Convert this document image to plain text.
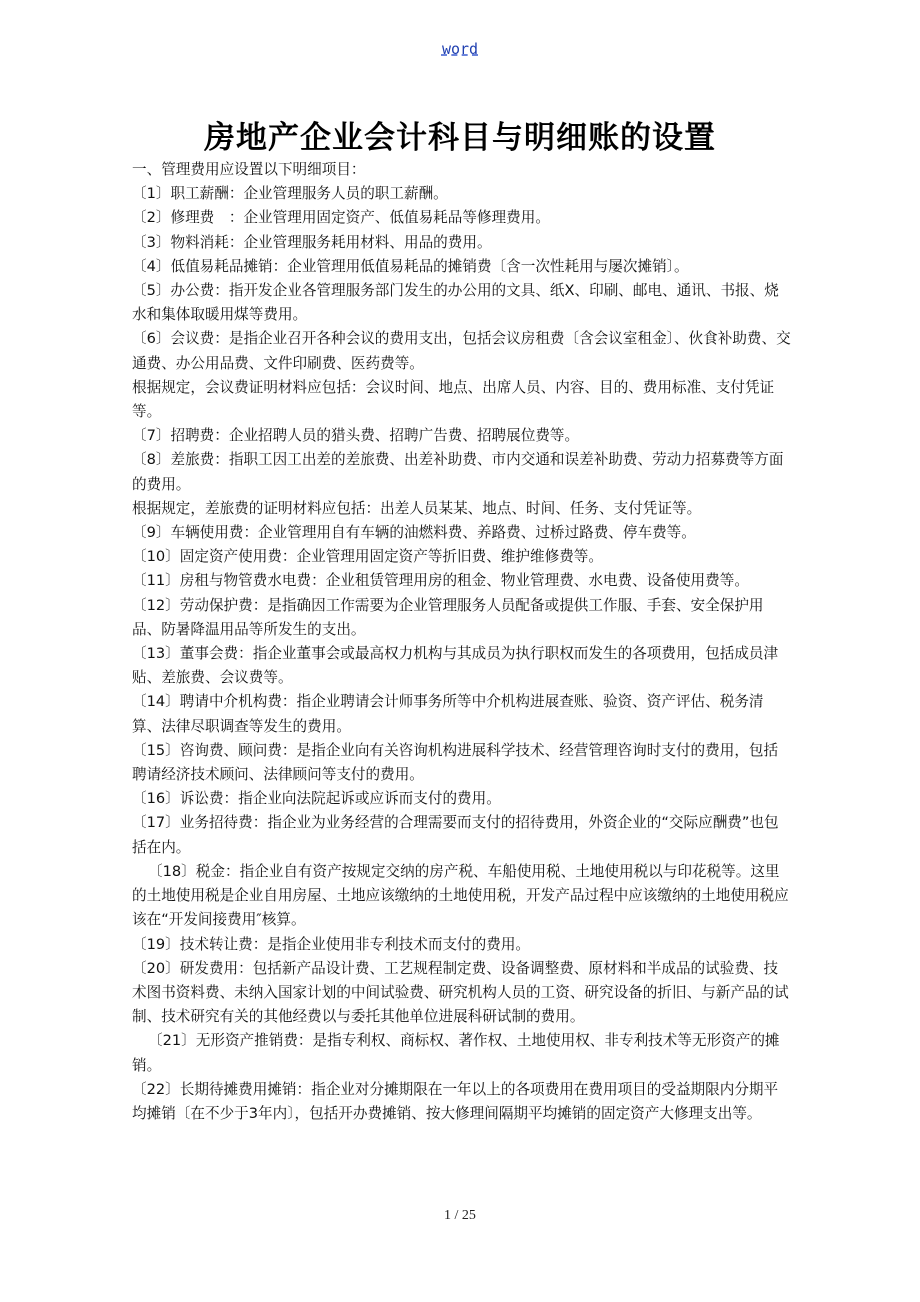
word
房地产企业会计科目与明细账的设置

一、管理费用应设置以下明细项目：

〔1〕职工薪酬：企业管理服务人员的职工薪酬。

〔2〕修理费　：企业管理用固定资产、低值易耗品等修理费用。

〔3〕物料消耗：企业管理服务耗用材料、用品的费用。

〔4〕低值易耗品摊销：企业管理用低值易耗品的摊销费〔含一次性耗用与屡次摊销〕。

〔5〕办公费：指开发企业各管理服务部门发生的办公用的文具、纸X、印刷、邮电、通讯、书报、烧水和集体取暖用煤等费用。

〔6〕会议费：是指企业召开各种会议的费用支出，包括会议房租费〔含会议室租金〕、伙食补助费、交通费、办公用品费、文件印刷费、医药费等。

根据规定，会议费证明材料应包括：会议时间、地点、出席人员、内容、目的、费用标准、支付凭证等。

〔7〕招聘费：企业招聘人员的猎头费、招聘广告费、招聘展位费等。

〔8〕差旅费：指职工因工出差的差旅费、出差补助费、市内交通和误差补助费、劳动力招募费等方面的费用。

根据规定，差旅费的证明材料应包括：出差人员某某、地点、时间、任务、支付凭证等。

〔9〕车辆使用费：企业管理用自有车辆的油燃料费、养路费、过桥过路费、停车费等。

〔10〕固定资产使用费：企业管理用固定资产等折旧费、维护维修费等。

〔11〕房租与物管费水电费：企业租赁管理用房的租金、物业管理费、水电费、设备使用费等。

〔12〕劳动保护费：是指确因工作需要为企业管理服务人员配备或提供工作服、手套、安全保护用品、防暑降温用品等所发生的支出。

〔13〕董事会费：指企业董事会或最高权力机构与其成员为执行职权而发生的各项费用，包括成员津贴、差旅费、会议费等。

〔14〕聘请中介机构费：指企业聘请会计师事务所等中介机构进展查账、验资、资产评估、税务清算、法律尽职调查等发生的费用。

〔15〕咨询费、顾问费：是指企业向有关咨询机构进展科学技术、经营管理咨询时支付的费用，包括聘请经济技术顾问、法律顾问等支付的费用。

〔16〕诉讼费：指企业向法院起诉或应诉而支付的费用。

〔17〕业务招待费：指企业为业务经营的合理需要而支付的招待费用，外资企业的“交际应酬费”也包括在内。

〔18〕税金：指企业自有资产按规定交纳的房产税、车船使用税、土地使用税以与印花税等。这里的土地使用税是企业自用房屋、土地应该缴纳的土地使用税，开发产品过程中应该缴纳的土地使用税应该在“开发间接费用″核算。

〔19〕技术转让费：是指企业使用非专利技术而支付的费用。

〔20〕研发费用：包括新产品设计费、工艺规程制定费、设备调整费、原材料和半成品的试验费、技术图书资料费、未纳入国家计划的中间试验费、研究机构人员的工资、研究设备的折旧、与新产品的试制、技术研究有关的其他经费以与委托其他单位进展科研试制的费用。

〔21〕无形资产推销费：是指专利权、商标权、著作权、土地使用权、非专利技术等无形资产的摊销。

〔22〕长期待摊费用摊销：指企业对分摊期限在一年以上的各项费用在费用项目的受益期限内分期平均摊销〔在不少于3年内〕，包括开办费摊销、按大修理间隔期平均摊销的固定资产大修理支出等。

1 / 25
